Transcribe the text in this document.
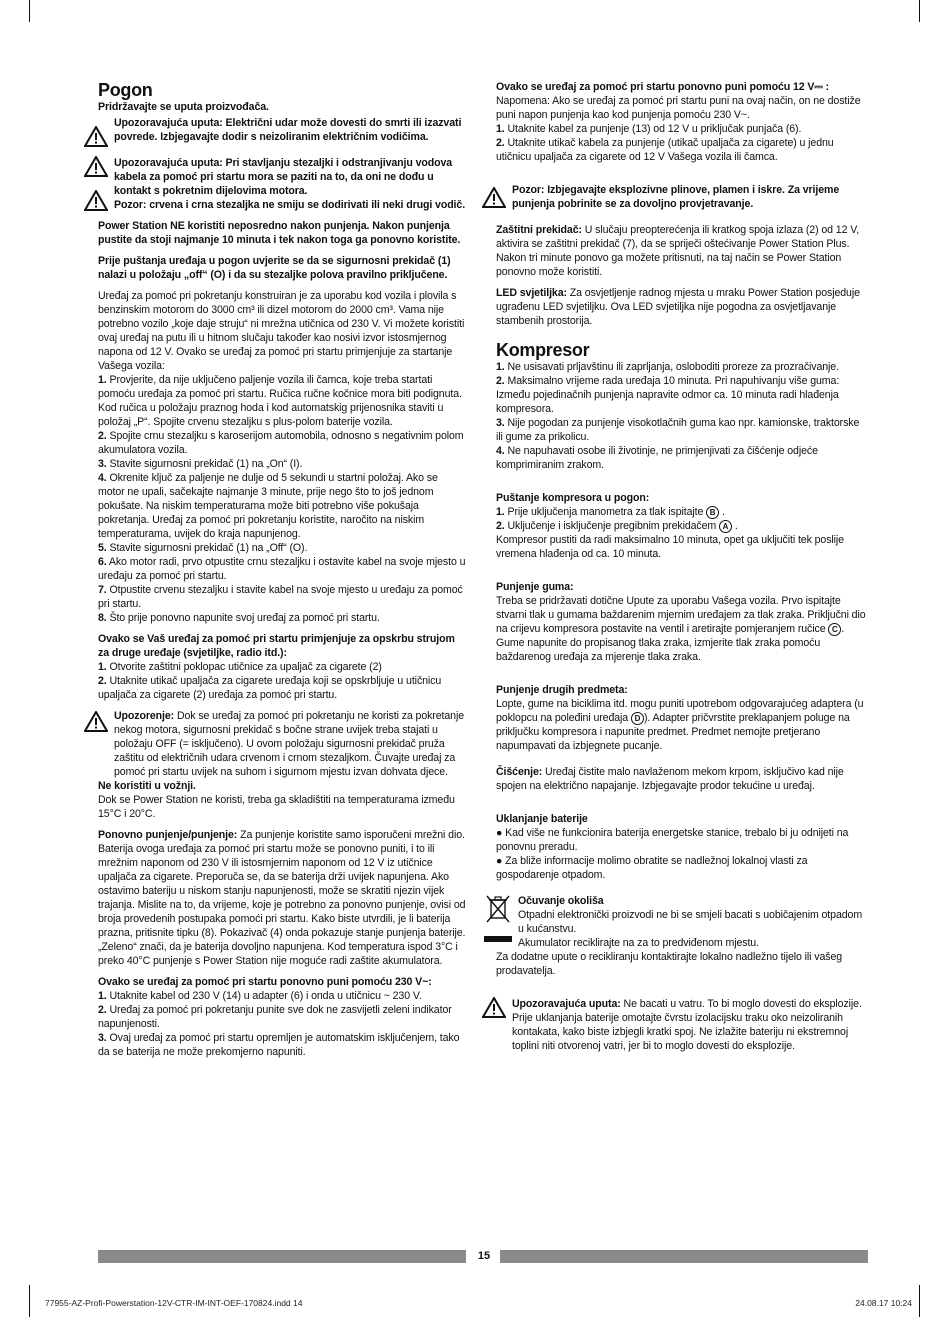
Pogon

Pridržavajte se uputa proizvođača.

Upozoravajuća uputa: Električni udar može dovesti do smrti ili izazvati povrede. Izbjegavajte dodir s neizoliranim električnim vodičima.

Upozoravajuća uputa: Pri stavljanju stezaljki i odstranjivanju vodova kabela za pomoć pri startu mora se paziti na to, da oni ne dođu u kontakt s pokretnim dijelovima motora.

Pozor: crvena i crna stezaljka ne smiju se dodirivati ili neki drugi vodič.

Power Station NE koristiti neposredno nakon punjenja. Nakon punjenja pustite da stoji najmanje 10 minuta i tek nakon toga ga ponovno koristite.

Prije puštanja uređaja u pogon uvjerite se da se sigurnosni prekidač (1) nalazi u položaju „off“ (O) i da su stezaljke polova pravilno priključene.

Uređaj za pomoć pri pokretanju konstruiran je za uporabu kod vozila i plovila s benzinskim motorom do 3000 cm³ ili dizel motorom do 2000 cm³. Vama nije potrebno vozilo „koje daje struju“ ni mrežna utičnica od 230 V. Vi možete koristiti ovaj uređaj na putu ili u hitnom slučaju također kao nosivi izvor istosmjernog napona od 12 V. Ovako se uređaj za pomoć pri startu primjenjuje za startanje Vašega vozila:

1. Provjerite, da nije uključeno paljenje vozila ili čamca, koje treba startati pomoću uređaja za pomoć pri startu. Ručica ručne kočnice mora biti podignuta. Kod ručica u položaju praznog hoda i kod automatskig prijenosnika staviti u položaj „P“. Spojite crvenu stezaljku s plus-polom baterije vozila.

2. Spojite crnu stezaljku s karoserijom automobila, odnosno s negativnim polom akumulatora vozila.

3. Stavite sigurnosni prekidač (1) na „On“ (I).

4. Okrenite ključ za paljenje ne dulje od 5 sekundi u startni položaj. Ako se motor ne upali, sačekajte najmanje 3 minute, prije nego što to još jednom pokušate. Na niskim temperaturama može biti potrebno više pokušaja pokretanja. Uređaj za pomoć pri pokretanju koristite, naročito na niskim temperaturama, uvijek do kraja napunjenog.

5. Stavite sigurnosni prekidač (1) na „Off“ (O).

6. Ako motor radi, prvo otpustite crnu stezaljku i ostavite kabel na svoje mjesto u uređaju za pomoć pri startu.

7. Otpustite crvenu stezaljku i stavite kabel na svoje mjesto u uređaju za pomoć pri startu.

8. Što prije ponovno napunite svoj uređaj za pomoć pri startu.

Ovako se Vaš uređaj za pomoć pri startu primjenjuje za opskrbu strujom za druge uređaje (svjetiljke, radio itd.):

1. Otvorite zaštitni poklopac utičnice za upaljač za cigarete (2)

2. Utaknite utikač upaljača za cigarete uređaja koji se opskrbljuje u utičnicu upaljača za cigarete (2) uređaja za pomoć pri startu.

Upozorenje: Dok se uređaj za pomoć pri pokretanju ne koristi za pokretanje nekog motora, sigurnosni prekidač s bočne strane uvijek treba stajati u položaju OFF (= isključeno). U ovom položaju sigurnosni prekidač pruža zaštitu od električnih udara crvenom i crnom stezaljkom. Čuvajte uređaj za pomoć pri startu uvijek na suhom i sigurnom mjestu izvan dohvata djece.

Ne koristiti u vožnji.

Dok se Power Station ne koristi, treba ga skladištiti na temperaturama između 15°C i 20°C.

Ponovno punjenje/punjenje: Za punjenje koristite samo isporučeni mrežni dio. Baterija ovoga uređaja za pomoć pri startu može se ponovno puniti, i to ili mrežnim naponom od 230 V ili istosmjernim naponom od 12 V iz utičnice upaljača za cigarete. Preporuča se, da se baterija drži uvijek napunjena. Ako ostavimo bateriju u niskom stanju napunjenosti, može se skratiti njezin vijek trajanja. Mislite na to, da vrijeme, koje je potrebno za ponovno punjenje, ovisi od broja provedenih postupaka pomoći pri startu. Kako biste utvrdili, je li baterija prazna, pritisnite tipku (8). Pokazivač (4) onda pokazuje stanje punjenja baterije. „Zeleno“ znači, da je baterija dovoljno napunjena. Kod temperatura ispod 3°C i preko 40°C punjenje s Power Station nije moguće radi zaštite akumulatora.

Ovako se uređaj za pomoć pri startu ponovno puni pomoću 230 V~:

1. Utaknite kabel od 230 V (14) u adapter (6) i onda u utičnicu ~ 230 V.

2. Uređaj za pomoć pri pokretanju punite sve dok ne zasvijetli zeleni indikator napunjenosti.

3. Ovaj uređaj za pomoć pri startu opremljen je automatskim isključenjem, tako da se baterija ne može prekomjerno napuniti.

Ovako se uređaj za pomoć pri startu ponovno puni pomoću 12 V⎓ :

Napomena: Ako se uređaj za pomoć pri startu puni na ovaj način, on ne dostiže puni napon punjenja kao kod punjenja pomoću 230 V~.

1. Utaknite kabel za punjenje (13) od 12 V u priključak punjača (6).

2. Utaknite utikač kabela za punjenje (utikač upaljača za cigarete) u jednu utičnicu upaljača za cigarete od 12 V Vašega vozila ili čamca.

Pozor: Izbjegavajte eksplozivne plinove, plamen i iskre. Za vrijeme punjenja pobrinite se za dovoljno provjetravanje.

Zaštitni prekidač: U slučaju preopterećenja ili kratkog spoja izlaza (2) od 12 V, aktivira se zaštitni prekidač (7), da se spriječi oštećivanje Power Station Plus. Nakon tri minute ponovo ga možete pritisnuti, na taj način se Power Station ponovno može koristiti.

LED svjetiljka: Za osvjetljenje radnog mjesta u mraku Power Station posjeduje ugrađenu LED svjetiljku. Ova LED svjetiljka nije pogodna za osvjetljavanje stambenih prostorija.

Kompresor

1. Ne usisavati prljavštinu ili zaprljanja, osloboditi proreze za prozračivanje.

2. Maksimalno vrijeme rada uređaja 10 minuta. Pri napuhivanju više guma: Između pojedinačnih punjenja napravite odmor ca. 10 minuta radi hlađenja kompresora.

3. Nije pogodan za punjenje visokotlačnih guma kao npr. kamionske, traktorske ili gume za prikolicu.

4. Ne napuhavati osobe ili životinje, ne primjenjivati za čišćenje odjeće komprimiranim zrakom.

Puštanje kompresora u pogon:

1. Prije uključenja manometra za tlak ispitajte B .

2. Uključenje i isključenje pregibnim prekidačem A .

Kompresor pustiti da radi maksimalno 10 minuta, opet ga uključiti tek poslije vremena hlađenja od ca. 10 minuta.

Punjenje guma:

Treba se pridržavati dotične Upute za uporabu Vašega vozila. Prvo ispitajte stvarni tlak u gumama baždarenim mjernim uređajem za tlak zraka. Priključni dio na crijevu kompresora postavite na ventil i aretirajte pomjeranjem ručice C . Gume napunite do propisanog tlaka zraka, izmjerite tlak zraka pomoću baždarenog uređaja za mjerenje tlaka zraka.

Punjenje drugih predmeta:

Lopte, gume na biciklima itd. mogu puniti upotrebom odgovarajućeg adaptera (u poklopcu na poleđini uređaja D ). Adapter pričvrstite preklapanjem poluge na priključku kompresora i napunite predmet. Predmet nemojte pretjerano napumpavati da izbjegnete pucanje.

Čišćenje: Uređaj čistite malo navlaženom mekom krpom, isključivo kad nije spojen na električno napajanje. Izbjegavajte prodor tekućine u uređaj.

Uklanjanje baterije

● Kad više ne funkcionira baterija energetske stanice, trebalo bi ju odnijeti na ponovnu preradu.

● Za bliže informacije molimo obratite se nadležnoj lokalnoj vlasti za gospodarenje otpadom.

Očuvanje okoliša

Otpadni elektronički proizvodi ne bi se smjeli bacati s uobičajenim otpadom u kućanstvu.

Akumulator reciklirajte na za to predviđenom mjestu.

Za dodatne upute o recikliranju kontaktirajte lokalno nadležno tijelo ili vašeg prodavatelja.

Upozoravajuća uputa: Ne bacati u vatru. To bi moglo dovesti do eksplozije. Prije uklanjanja baterije omotajte čvrstu izolacijsku traku oko neizoliranih kontakata, kako biste izbjegli kratki spoj. Ne izlažite bateriju ni ekstremnoj toplini niti otvorenoj vatri, jer bi to moglo dovesti do eksplozije.

15
77955-AZ-Profi-Powerstation-12V-CTR-IM-INT-OEF-170824.indd 14	24.08.17 10:24
